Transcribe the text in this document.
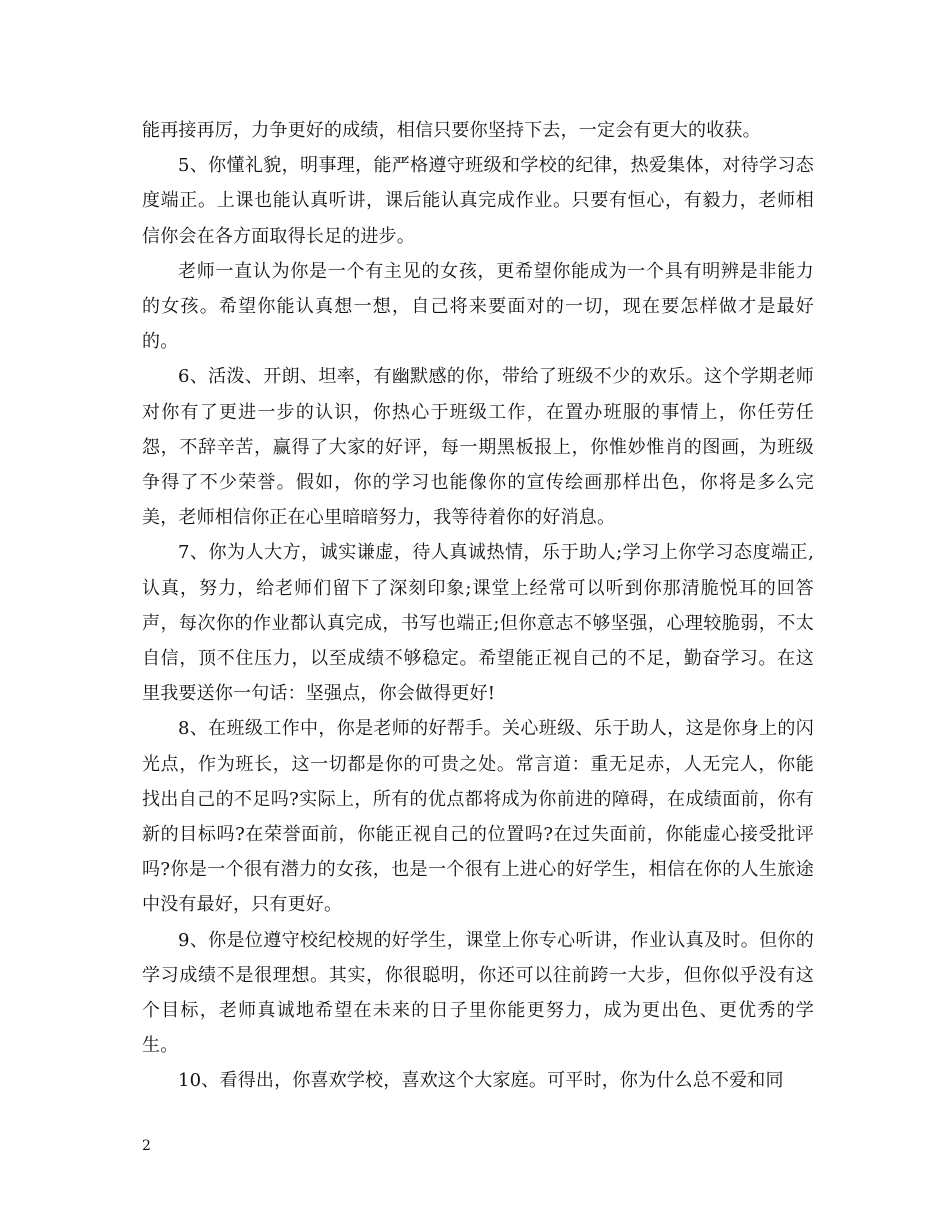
能再接再厉，力争更好的成绩，相信只要你坚持下去，一定会有更大的收获。

5、你懂礼貌，明事理，能严格遵守班级和学校的纪律，热爱集体，对待学习态度端正。上课也能认真听讲，课后能认真完成作业。只要有恒心，有毅力，老师相信你会在各方面取得长足的进步。

老师一直认为你是一个有主见的女孩，更希望你能成为一个具有明辨是非能力的女孩。希望你能认真想一想，自己将来要面对的一切，现在要怎样做才是最好的。

6、活泼、开朗、坦率，有幽默感的你，带给了班级不少的欢乐。这个学期老师对你有了更进一步的认识，你热心于班级工作，在置办班服的事情上，你任劳任怨，不辞辛苦，赢得了大家的好评，每一期黑板报上，你惟妙惟肖的图画，为班级争得了不少荣誉。假如，你的学习也能像你的宣传绘画那样出色，你将是多么完美，老师相信你正在心里暗暗努力，我等待着你的好消息。

7、你为人大方，诚实谦虚，待人真诚热情，乐于助人;学习上你学习态度端正,认真，努力，给老师们留下了深刻印象;课堂上经常可以听到你那清脆悦耳的回答声，每次你的作业都认真完成，书写也端正;但你意志不够坚强，心理较脆弱，不太自信，顶不住压力，以至成绩不够稳定。希望能正视自己的不足，勤奋学习。在这里我要送你一句话：坚强点，你会做得更好!

8、在班级工作中，你是老师的好帮手。关心班级、乐于助人，这是你身上的闪光点，作为班长，这一切都是你的可贵之处。常言道：重无足赤，人无完人，你能找出自己的不足吗?实际上，所有的优点都将成为你前进的障碍，在成绩面前，你有新的目标吗?在荣誉面前，你能正视自己的位置吗?在过失面前，你能虚心接受批评吗?你是一个很有潜力的女孩，也是一个很有上进心的好学生，相信在你的人生旅途中没有最好，只有更好。

9、你是位遵守校纪校规的好学生，课堂上你专心听讲，作业认真及时。但你的学习成绩不是很理想。其实，你很聪明，你还可以往前跨一大步，但你似乎没有这个目标，老师真诚地希望在未来的日子里你能更努力，成为更出色、更优秀的学生。

10、看得出，你喜欢学校，喜欢这个大家庭。可平时，你为什么总不爱和同

2
